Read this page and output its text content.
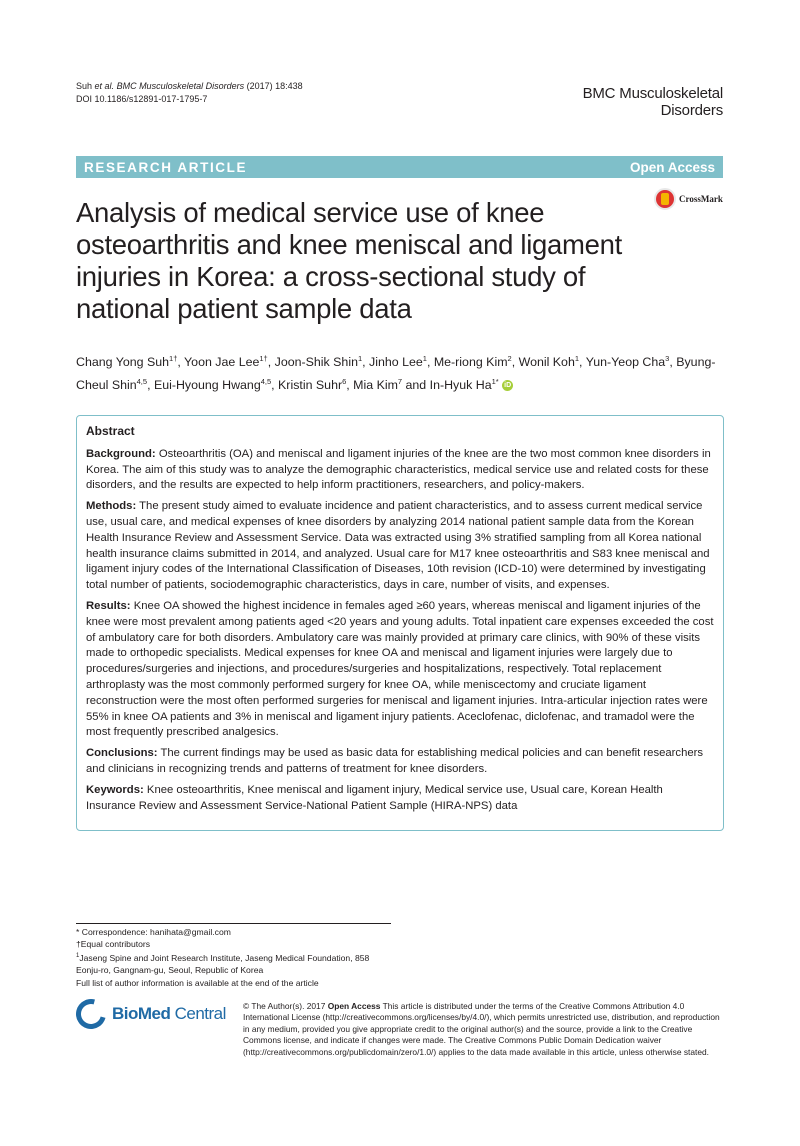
Suh et al. BMC Musculoskeletal Disorders (2017) 18:438
DOI 10.1186/s12891-017-1795-7	BMC Musculoskeletal
Disorders
RESEARCH ARTICLE	Open Access
CrossMark
Analysis of medical service use of knee osteoarthritis and knee meniscal and ligament injuries in Korea: a cross-sectional study of national patient sample data
Chang Yong Suh$^{1\dagger}$, Yoon Jae Lee$^{1\dagger}$, Joon-Shik Shin$^1$, Jinho Lee$^1$, Me-riong Kim$^2$, Wonil Koh$^1$, Yun-Yeop Cha$^3$, Byung-Cheul Shin$^{4,5}$, Eui-Hyoung Hwang$^{4,5}$, Kristin Suhr$^6$, Mia Kim$^7$ and In-Hyuk $Ha^{1*}$ iD
Abstract

Background: Osteoarthritis (OA) and meniscal and ligament injuries of the knee are the two most common knee disorders in Korea. The aim of this study was to analyze the demographic characteristics, medical service use and related costs for these disorders, and the results are expected to help inform practitioners, researchers, and policy-makers.

Methods: The present study aimed to evaluate incidence and patient characteristics, and to assess current medical service use, usual care, and medical expenses of knee disorders by analyzing 2014 national patient sample data from the Korean Health Insurance Review and Assessment Service. Data was extracted using 3% stratified sampling from all Korea national health insurance claims submitted in 2014, and analyzed. Usual care for M17 knee osteoarthritis and S83 knee meniscal and ligament injury codes of the International Classification of Diseases, 10th revision (ICD-10) were determined by investigating total number of patients, sociodemographic characteristics, days in care, number of visits, and expenses.

Results: Knee OA showed the highest incidence in females aged ≥60 years, whereas meniscal and ligament injuries of the knee were most prevalent among patients aged <20 years and young adults. Total inpatient care expenses exceeded the cost of ambulatory care for both disorders. Ambulatory care was mainly provided at primary care clinics, with 90% of these visits made to orthopedic specialists. Medical expenses for knee OA and meniscal and ligament injuries were largely due to procedures/surgeries and injections, and procedures/surgeries and hospitalizations, respectively. Total replacement arthroplasty was the most commonly performed surgery for knee OA, while meniscectomy and cruciate ligament reconstruction were the most often performed surgeries for meniscal and ligament injuries. Intra-articular injection rates were 55% in knee OA patients and 3% in meniscal and ligament injury patients. Aceclofenac, diclofenac, and tramadol were the most frequently prescribed analgesics.

Conclusions: The current findings may be used as basic data for establishing medical policies and can benefit researchers and clinicians in recognizing trends and patterns of treatment for knee disorders.

Keywords: Knee osteoarthritis, Knee meniscal and ligament injury, Medical service use, Usual care, Korean Health Insurance Review and Assessment Service-National Patient Sample (HIRA-NPS) data

* Correspondence: hanihata@gmail.com
†Equal contributors
$^1$Jaseng Spine and Joint Research Institute, Jaseng Medical Foundation, 858
Eonju-ro, Gangnam-gu, Seoul, Republic of Korea
Full list of author information is available at the end of the article
BioMed Central © The Author(s). 2017 Open Access This article is distributed under the terms of the Creative Commons Attribution 4.0 International License (http://creativecommons.org/licenses/by/4.0/), which permits unrestricted use, distribution, and reproduction in any medium, provided you give appropriate credit to the original author(s) and the source, provide a link to the Creative Commons license, and indicate if changes were made. The Creative Commons Public Domain Dedication waiver (http://creativecommons.org/publicdomain/zero/1.0/) applies to the data made available in this article, unless otherwise stated.
